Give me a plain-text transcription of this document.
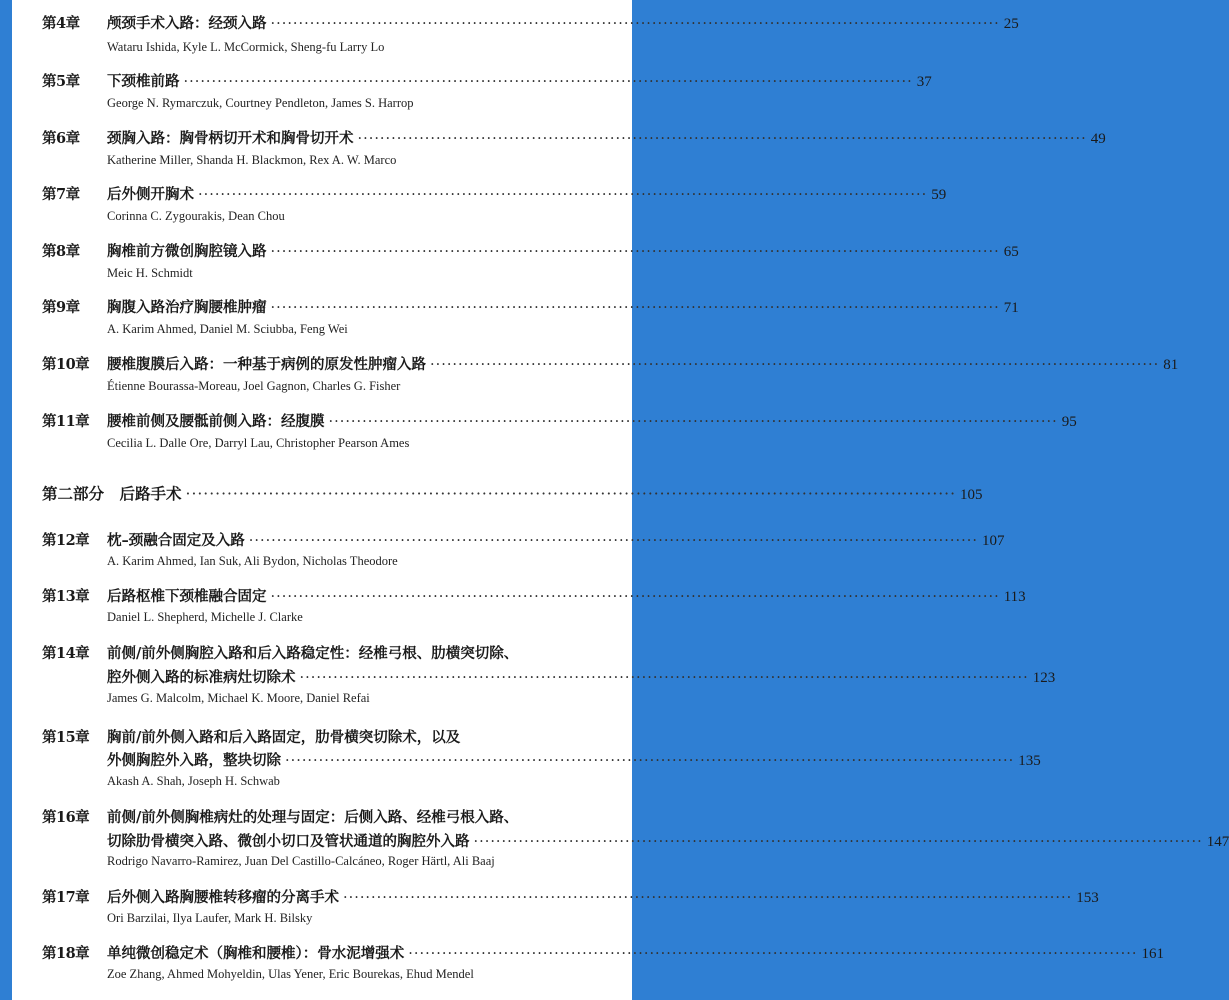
第4章 颅颈手术入路：经颈入路 ·····	25
Wataru Ishida, Kyle L. McCormick, Sheng-fu Larry Lo
第5章 下颈椎前路 ·····	37
George N. Rymarczuk, Courtney Pendleton, James S. Harrop
第6章 颈胸入路：胸骨柄切开术和胸骨切开术 ·····	49
Katherine Miller, Shanda H. Blackmon, Rex A. W. Marco
第7章 后外侧开胸术 ·····	59
Corinna C. Zygourakis, Dean Chou
第8章 胸椎前方微创胸腔镜入路 ·····	65
Meic H. Schmidt
第9章 胸腹入路治疗胸腰椎肿瘤 ·····	71
A. Karim Ahmed, Daniel M. Sciubba, Feng Wei
第10章 腰椎腹膜后入路：一种基于病例的原发性肿瘤入路 ·····	81
Étienne Bourassa-Moreau, Joel Gagnon, Charles G. Fisher
第11章 腰椎前侧及腰骶前侧入路：经腹膜 ·····	95
Cecilia L. Dalle Ore, Darryl Lau, Christopher Pearson Ames
第二部分　后路手术 ·····	105
第12章 枕–颈融合固定及入路 ·····	107
A. Karim Ahmed, Ian Suk, Ali Bydon, Nicholas Theodore
第13章 后路枢椎下颈椎融合固定 ·····	113
Daniel L. Shepherd, Michelle J. Clarke
第14章 前侧/前外侧胸腔入路和后入路稳定性：经椎弓根、肋横突切除、
腔外侧入路的标准病灶切除术 ·····	123
James G. Malcolm, Michael K. Moore, Daniel Refai
第15章 胸前/前外侧入路和后入路固定，肋骨横突切除术，以及
外侧胸腔外入路，整块切除 ·····	135
Akash A. Shah, Joseph H. Schwab
第16章 前侧/前外侧胸椎病灶的处理与固定：后侧入路、经椎弓根入路、
切除肋骨横突入路、微创小切口及管状通道的胸腔外入路 ·····	147
Rodrigo Navarro-Ramirez, Juan Del Castillo-Calcáneo, Roger Härtl, Ali Baaj
第17章 后外侧入路胸腰椎转移瘤的分离手术 ·····	153
Ori Barzilai, Ilya Laufer, Mark H. Bilsky
第18章 单纯微创稳定术（胸椎和腰椎）：骨水泥增强术 ·····	161
Zoe Zhang, Ahmed Mohyeldin, Ulas Yener, Eric Bourekas, Ehud Mendel
